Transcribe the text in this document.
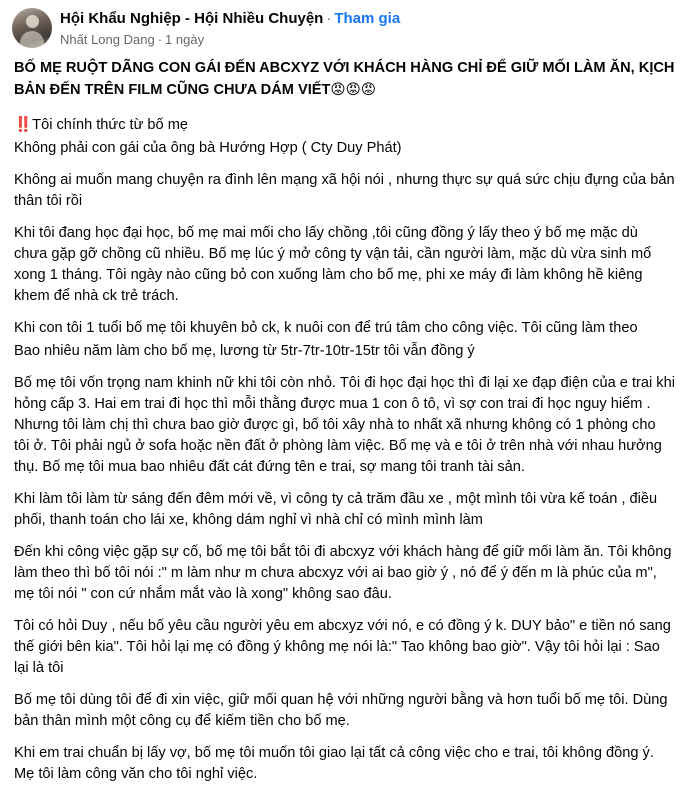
Hội Khẩu Nghiệp - Hội Nhiều Chuyện · Tham gia
Nhất Long Dang · 1 ngày

BỐ MẸ RUỘT DÃNG CON GÁI ĐẾN ABCXYZ VỚI KHÁCH HÀNG CHỈ ĐỂ GIỮ MỐI LÀM ĂN, KỊCH BẢN ĐẾN TRÊN FILM CŨNG CHƯA DÁM VIẾT😡😡😡

‼️Tôi chính thức từ bố mẹ

Không phải con gái của ông bà Hướng Hợp ( Cty Duy Phát)

Không ai muốn mang chuyện ra đình lên mạng xã hội nói , nhưng thực sự quá sức chịu đựng của bản thân tôi rồi

Khi tôi đang học đại học, bố mẹ mai mối cho lấy chồng ,tôi cũng đồng ý lấy theo ý bố mẹ mặc dù chưa gặp gỡ chồng cũ nhiều. Bố mẹ lúc ý mở công ty vận tải, cần người làm, mặc dù vừa sinh mổ xong 1 tháng. Tôi ngày nào cũng bỏ con xuống làm cho bố mẹ, phi xe máy đi làm không hề kiêng khem để nhà ck trẻ trách.

Khi con tôi 1 tuổi bố mẹ tôi khuyên bỏ ck, k nuôi con để trú tâm cho công việc. Tôi cũng làm theo

Bao nhiêu năm làm cho bố mẹ, lương từ 5tr-7tr-10tr-15tr tôi vẫn đồng ý

Bố mẹ tôi vốn trọng nam khinh nữ khi tôi còn nhỏ. Tôi đi học đại học thì đi lại xe đạp điện của e trai khi hỏng cấp 3. Hai em trai đi học thì mỗi thằng được mua 1 con ô tô, vì sợ con trai đi học nguy hiểm . Nhưng tôi làm chị thì chưa bao giờ được gì, bố tôi xây nhà to nhất xã nhưng không có 1 phòng cho tôi ở. Tôi phải ngủ ở sofa hoặc nền đất ở phòng làm việc. Bố mẹ và e tôi ở trên nhà với nhau hưởng thụ. Bố mẹ tôi mua bao nhiêu đất cát đứng tên e trai, sợ mang tôi tranh tài sản.

Khi làm tôi làm từ sáng đến đêm mới về, vì công ty cả trăm đầu xe , một mình tôi vừa kế toán , điều phối, thanh toán cho lái xe, không dám nghỉ vì nhà chỉ có mình mình làm

Đến khi công việc gặp sự cố, bố mẹ tôi bắt tôi đi abcxyz với khách hàng để giữ mối làm ăn. Tôi không làm theo thì bố tôi nói :" m làm như m chưa abcxyz với ai bao giờ ý , nó để ý đến m là phúc của m", mẹ tôi nói " con cứ nhắm mắt vào là xong" không sao đâu.

Tôi có hỏi Duy , nếu bố yêu cầu người yêu em abcxyz với nó, e có đồng ý k. DUY bảo" e tiền nó sang thế giới bên kia". Tôi hỏi lại mẹ có đồng ý không mẹ nói là:" Tao không bao giờ". Vậy tôi hỏi lại : Sao lại là tôi

Bố mẹ tôi dùng tôi để đi xin việc, giữ mối quan hệ với những người bằng và hơn tuổi bố mẹ tôi. Dùng bản thân mình một công cụ để kiếm tiền cho bố mẹ.

Khi em trai chuẩn bị lấy vợ, bố mẹ tôi muốn tôi giao lại tất cả công việc cho e trai, tôi không đồng ý. Mẹ tôi làm công văn cho tôi nghỉ việc.
